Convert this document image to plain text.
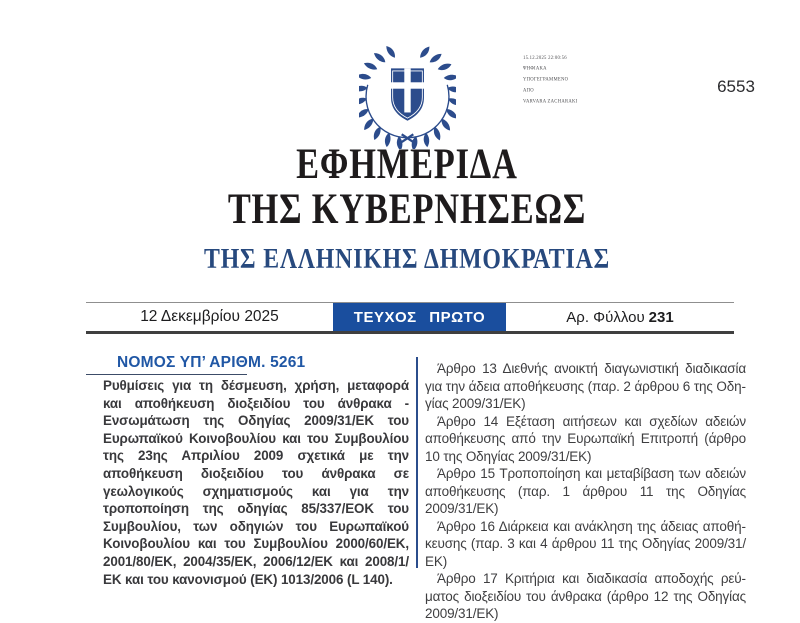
15.12.2025 22:00:56
ΨΗΦΙΑΚΑ
ΥΠΟΓΕΓΡΑΜΜΕΝΟ
ΑΠΟ
VARVARA ZACHARAKI
6553
ΕΦΗΜΕΡΙΔΑ
ΤΗΣ ΚΥΒΕΡΝΗΣΕΩΣ
ΤΗΣ ΕΛΛΗΝΙΚΗΣ ΔΗΜΟΚΡΑΤΙΑΣ
12 Δεκεμβρίου 2025	ΤΕΥΧΟΣ ΠΡΩΤΟ	Αρ. Φύλλου 231
ΝΟΜΟΣ ΥΠ’ ΑΡΙΘΜ. 5261

Ρυθμίσεις για τη δέσμευση, χρήση, μεταφορά και αποθήκευση διοξειδίου του άνθρακα - Ενσωμάτωση της Οδηγίας 2009/31/ΕΚ του Ευρωπαϊκού Κοινοβουλίου και του Συμβουλίου της 23ης Απριλίου 2009 σχετικά με την αποθήκευση διοξειδίου του άνθρακα σε γεωλογικούς σχηματισμούς και για την τροποποίηση της οδηγίας 85/337/ΕΟΚ του Συμβουλίου, των οδηγιών του Ευρωπαϊκού Κοινοβουλίου και του Συμβουλίου 2000/60/ΕΚ, 2001/80/ΕΚ, 2004/35/ΕΚ, 2006/12/ΕΚ και 2008/1/ΕΚ και του κανονισμού (ΕΚ) 1013/2006 (L 140).

Άρθρο 13 Διεθνής ανοικτή διαγωνιστική διαδικασία για την άδεια αποθήκευσης (παρ. 2 άρθρου 6 της Οδηγίας 2009/31/ΕΚ)

Άρθρο 14 Εξέταση αιτήσεων και σχεδίων αδειών αποθήκευσης από την Ευρωπαϊκή Επιτροπή (άρθρο 10 της Οδηγίας 2009/31/ΕΚ)

Άρθρο 15 Τροποποίηση και μεταβίβαση των αδειών αποθήκευσης (παρ. 1 άρθρου 11 της Οδηγίας 2009/31/ΕΚ)

Άρθρο 16 Διάρκεια και ανάκληση της άδειας αποθήκευσης (παρ. 3 και 4 άρθρου 11 της Οδηγίας 2009/31/ΕΚ)

Άρθρο 17 Κριτήρια και διαδικασία αποδοχής ρεύματος διοξειδίου του άνθρακα (άρθρο 12 της Οδηγίας 2009/31/ΕΚ)
